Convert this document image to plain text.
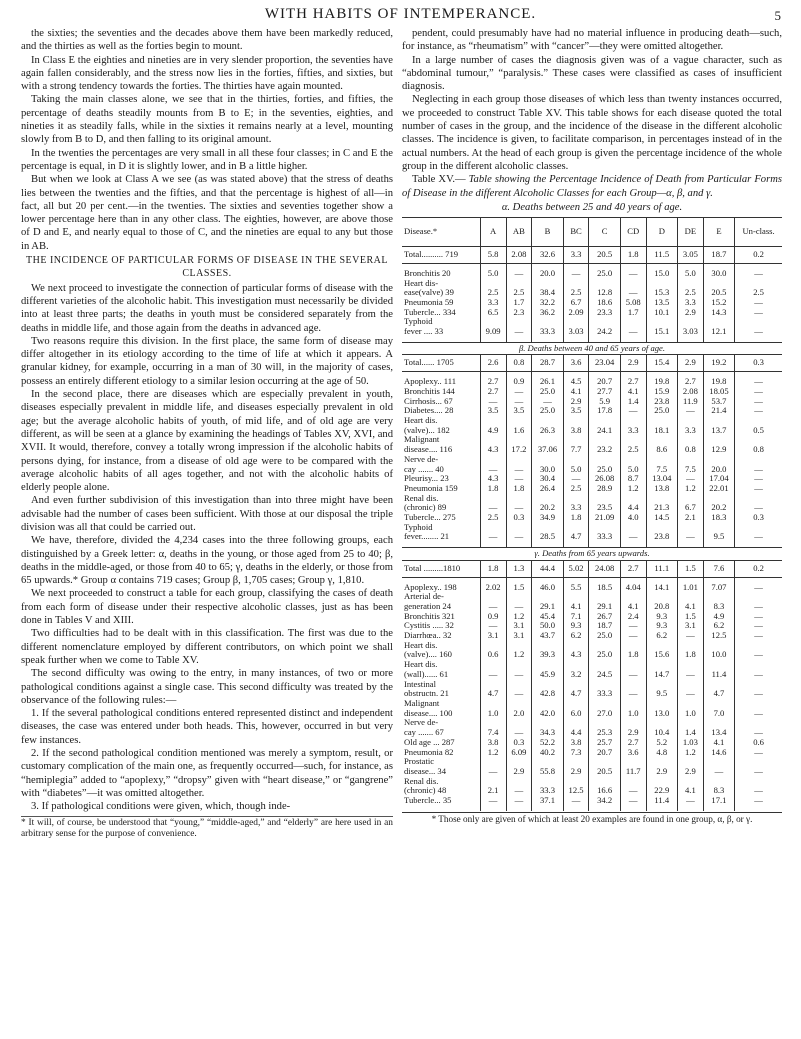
WITH HABITS OF INTEMPERANCE.	5

the sixties; the seventies and the decades above them have been markedly reduced, and the thirties as well as the forties begin to mount.

In Class E the eighties and nineties are in very slender proportion, the seventies have again fallen considerably, and the stress now lies in the forties, fifties, and sixties, but with a strong tendency towards the forties. The thirties have again mounted.

Taking the main classes alone, we see that in the thirties, forties, and fifties, the percentage of deaths steadily mounts from B to E; in the seventies, eighties, and nineties it as steadily falls, while in the sixties it remains nearly at a level, mounting slowly from B to D, and then falling to its original amount.

In the twenties the percentages are very small in all these four classes; in C and E the percentage is equal, in D it is slightly lower, and in B a little higher.

But when we look at Class A we see (as was stated above) that the stress of deaths lies between the twenties and the fifties, and that the percentage is highest of all—in fact, all but 20 per cent.—in the twenties. The sixties and seventies together show a lower percentage here than in any other class. The eighties, however, are above those of D and E, and nearly equal to those of C, and the nineties are equal to any but those in AB.

THE INCIDENCE OF PARTICULAR FORMS OF DISEASE IN THE SEVERAL CLASSES.

We next proceed to investigate the connection of particular forms of disease with the different varieties of the alcoholic habit. This investigation must necessarily be divided into at least three parts; the deaths in youth must be considered separately from the deaths in middle life, and those again from the deaths in advanced age.

Two reasons require this division. In the first place, the same form of disease may differ altogether in its etiology according to the time of life at which it appears. A granular kidney, for example, occurring in a man of 30 will, in the majority of cases, possess an entirely different etiology to a similar lesion occurring at the age of 50.

In the second place, there are diseases which are especially prevalent in youth, diseases especially prevalent in middle life, and diseases especially prevalent in old age; but the average alcoholic habits of youth, of mid life, and of old age are very different, as will be seen at a glance by examining the headings of Tables XV, XVI, and XVII. It would, therefore, convey a totally wrong impression if the alcoholic habits of persons dying, for instance, from a disease of old age were to be compared with the average alcoholic habits of all ages together, and not with the alcoholic habits of elderly people alone.

And even further subdivision of this investigation than into three might have been advisable had the number of cases been sufficient. With those at our disposal the triple division was all that could be carried out.

We have, therefore, divided the 4,234 cases into the three following groups, each distinguished by a Greek letter: α, deaths in the young, or those aged from 25 to 40; β, deaths in the middle-aged, or those from 40 to 65; γ, deaths in the elderly, or those from 65 upwards.* Group α contains 719 cases; Group β, 1,705 cases; Group γ, 1,810.

We next proceeded to construct a table for each group, classifying the cases of death from each form of disease under their respective alcoholic classes, just as has been done in Tables V and XIII.

Two difficulties had to be dealt with in this classification. The first was due to the different nomenclature employed by different contributors, on which point we shall speak further when we come to Table XV.

The second difficulty was owing to the entry, in many instances, of two or more pathological conditions against a single case. This second difficulty was treated by the observance of the following rules:—

1. If the several pathological conditions entered represented distinct and independent diseases, the case was entered under both heads. This, however, occurred in but very few instances.

2. If the second pathological condition mentioned was merely a symptom, result, or customary complication of the main one, as frequently occurred—such, for instance, as “hemiplegia” added to “apoplexy,” “dropsy” given with “heart disease,” or “gangrene” with “diabetes”—it was omitted altogether.

3. If pathological conditions were given, which, though inde-

* It will, of course, be understood that “young,” “middle-aged,” and “elderly” are here used in an arbitrary sense for the purpose of convenience.

pendent, could presumably have had no material influence in producing death—such, for instance, as “rheumatism” with “cancer”—they were omitted altogether.

In a large number of cases the diagnosis given was of a vague character, such as “abdominal tumour,” “paralysis.” These cases were classified as cases of insufficient diagnosis.

Neglecting in each group those diseases of which less than twenty instances occurred, we proceeded to construct Table XV. This table shows for each disease quoted the total number of cases in the group, and the incidence of the disease in the different alcoholic classes. The incidence is given, to facilitate comparison, in percentages instead of in the actual numbers. At the head of each group is given the percentage incidence of the whole group in the different alcoholic classes.

Table XV.— Table showing the Percentage Incidence of Death from Particular Forms of Disease in the different Alcoholic Classes for each Group—α, β, and γ.

α. Deaths between 25 and 40 years of age.
Disease.*	A	AB	B	BC	C	CD	D	DE	E	Un-class.
Total.......... 719	5.8	2.08	32.6	3.3	20.5	1.8	11.5	3.05	18.7	0.2

Bronchitis 20	5.0	—	20.0	—	25.0	—	15.0	5.0	30.0	—
Heart dis-										
ease(valve) 39	2.5	2.5	38.4	2.5	12.8	—	15.3	2.5	20.5	2.5
Pneumonia 59	3.3	1.7	32.2	6.7	18.6	5.08	13.5	3.3	15.2	—
Tubercle... 334	6.5	2.3	36.2	2.09	23.3	1.7	10.1	2.9	14.3	—
Typhoid										
fever .... 33	9.09	—	33.3	3.03	24.2	—	15.1	3.03	12.1	—

β. Deaths between 40 and 65 years of age.										
Total...... 1705	2.6	0.8	28.7	3.6	23.04	2.9	15.4	2.9	19.2	0.3

Apoplexy.. 111	2.7	0.9	26.1	4.5	20.7	2.7	19.8	2.7	19.8	—
Bronchitis 144	2.7	—	25.0	4.1	27.7	4.1	15.9	2.08	18.05	—
Cirrhosis... 67	—	—	—	2.9	5.9	1.4	23.8	11.9	53.7	—
Diabetes.... 28	3.5	3.5	25.0	3.5	17.8	—	25.0	—	21.4	—
Heart dis.										
(valve)... 182	4.9	1.6	26.3	3.8	24.1	3.3	18.1	3.3	13.7	0.5
Malignant										
disease.... 116	4.3	17.2	37.06	7.7	23.2	2.5	8.6	0.8	12.9	0.8
Nerve de-										
cay ....... 40	—	—	30.0	5.0	25.0	5.0	7.5	7.5	20.0	—
Pleurisy... 23	4.3	—	30.4	—	26.08	8.7	13.04	—	17.04	—
Pneumonia 159	1.8	1.8	26.4	2.5	28.9	1.2	13.8	1.2	22.01	—
Renal dis.										
(chronic) 89	—	—	20.2	3.3	23.5	4.4	21.3	6.7	20.2	—
Tubercle... 275	2.5	0.3	34.9	1.8	21.09	4.0	14.5	2.1	18.3	0.3
Typhoid										
fever........ 21	—	—	28.5	4.7	33.3	—	23.8	—	9.5	—

γ. Deaths from 65 years upwards.										
Total .........1810	1.8	1.3	44.4	5.02	24.08	2.7	11.1	1.5	7.6	0.2

Apoplexy.. 198	2.02	1.5	46.0	5.5	18.5	4.04	14.1	1.01	7.07	—
Arterial de-										
generation 24	—	—	29.1	4.1	29.1	4.1	20.8	4.1	8.3	—
Bronchitis 321	0.9	1.2	45.4	7.1	26.7	2.4	9.3	1.5	4.9	—
Cystitis ..... 32	—	3.1	50.0	9.3	18.7	—	9.3	3.1	6.2	—
Diarrhœa.. 32	3.1	3.1	43.7	6.2	25.0	—	6.2	—	12.5	—
Heart dis.										
(valve).... 160	0.6	1.2	39.3	4.3	25.0	1.8	15.6	1.8	10.0	—
Heart dis.										
(wall)...... 61	—	—	45.9	3.2	24.5	—	14.7	—	11.4	—
Intestinal										
obstructn. 21	4.7	—	42.8	4.7	33.3	—	9.5	—	4.7	—
Malignant										
disease.... 100	1.0	2.0	42.0	6.0	27.0	1.0	13.0	1.0	7.0	—
Nerve de-										
cay ....... 67	7.4	—	34.3	4.4	25.3	2.9	10.4	1.4	13.4	—
Old age ... 287	3.8	0.3	52.2	3.8	25.7	2.7	5.2	1.03	4.1	0.6
Pneumonia 82	1.2	6.09	40.2	7.3	20.7	3.6	4.8	1.2	14.6	—
Prostatic										
disease... 34	—	2.9	55.8	2.9	20.5	11.7	2.9	2.9	—	—
Renal dis.										
(chronic) 48	2.1	—	33.3	12.5	16.6	—	22.9	4.1	8.3	—
Tubercle... 35	—	—	37.1	—	34.2	—	11.4	—	17.1	—

* Those only are given of which at least 20 examples are found in one group, α, β, or γ.
